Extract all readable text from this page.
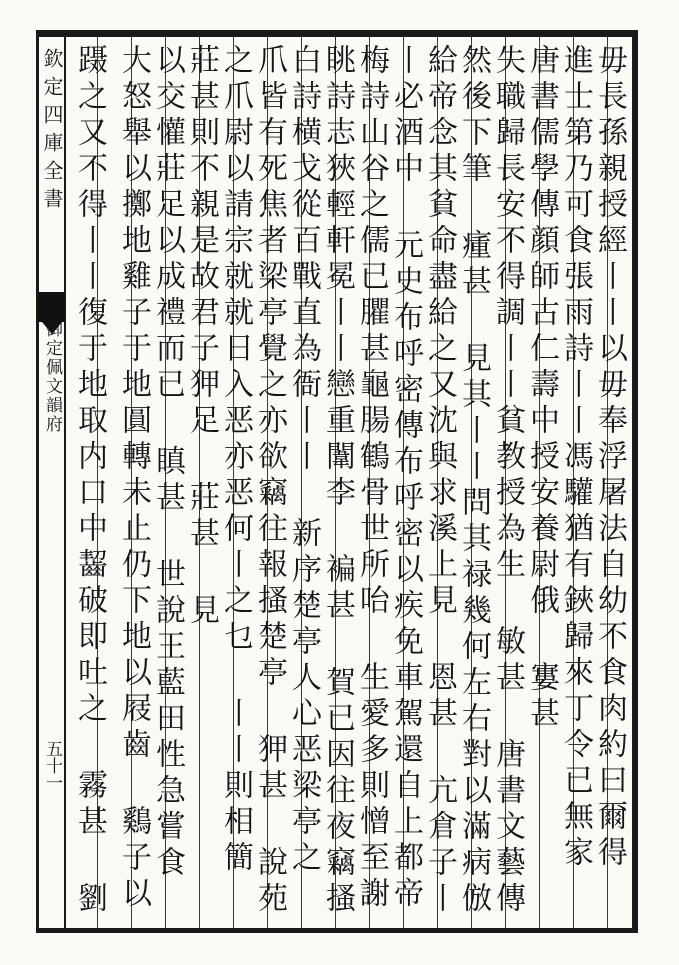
欽定四庫全書
御定佩文韻府
五十一	毋長孫親授經丨丨以毋奉浮屠法自幼不食肉約曰爾得
進士第乃可食張雨詩丨丨馮驩猶有鋏歸來丁令已無家
唐書儒學傳顔師古仁壽中授安養尉俄 寠甚
失職歸長安不得調丨丨貧教授為生 敏甚 唐書文藝傳
然後下筆 瘇甚 見其丨丨問其禄幾何左右對以滿病倣
給帝念其貧命盡給之又沈與求溪上見 恩甚 亢倉子丨
丨必酒中 元史布呼密傳布呼密以疾免車駕還自上都帝
梅詩山谷之儒已臞甚龜腸鶴骨世所咍 生愛多則憎至謝
眺詩志狹輕軒冕丨丨戀重闈李 褊甚 賀已因往夜竊搔
白詩横戈從百戰直為衙丨丨 新序楚亭人心恶梁亭之
爪皆有死焦者梁亭覺之亦欲竊往報搔楚亭 狎甚 說苑
之爪尉以請宗就就日入恶亦恶何丨之乜 丨丨則相簡
莊甚則不親是故君子狎足 莊甚 見
以交懽莊足以成禮而已 瞋甚 世說王藍田性急嘗食
大怒舉以擲地雞子于地圓轉未止仍下地以屐齒 鷄子以
蹑之又不得丨丨復于地取内口中齧破即吐之 霧甚 劉
